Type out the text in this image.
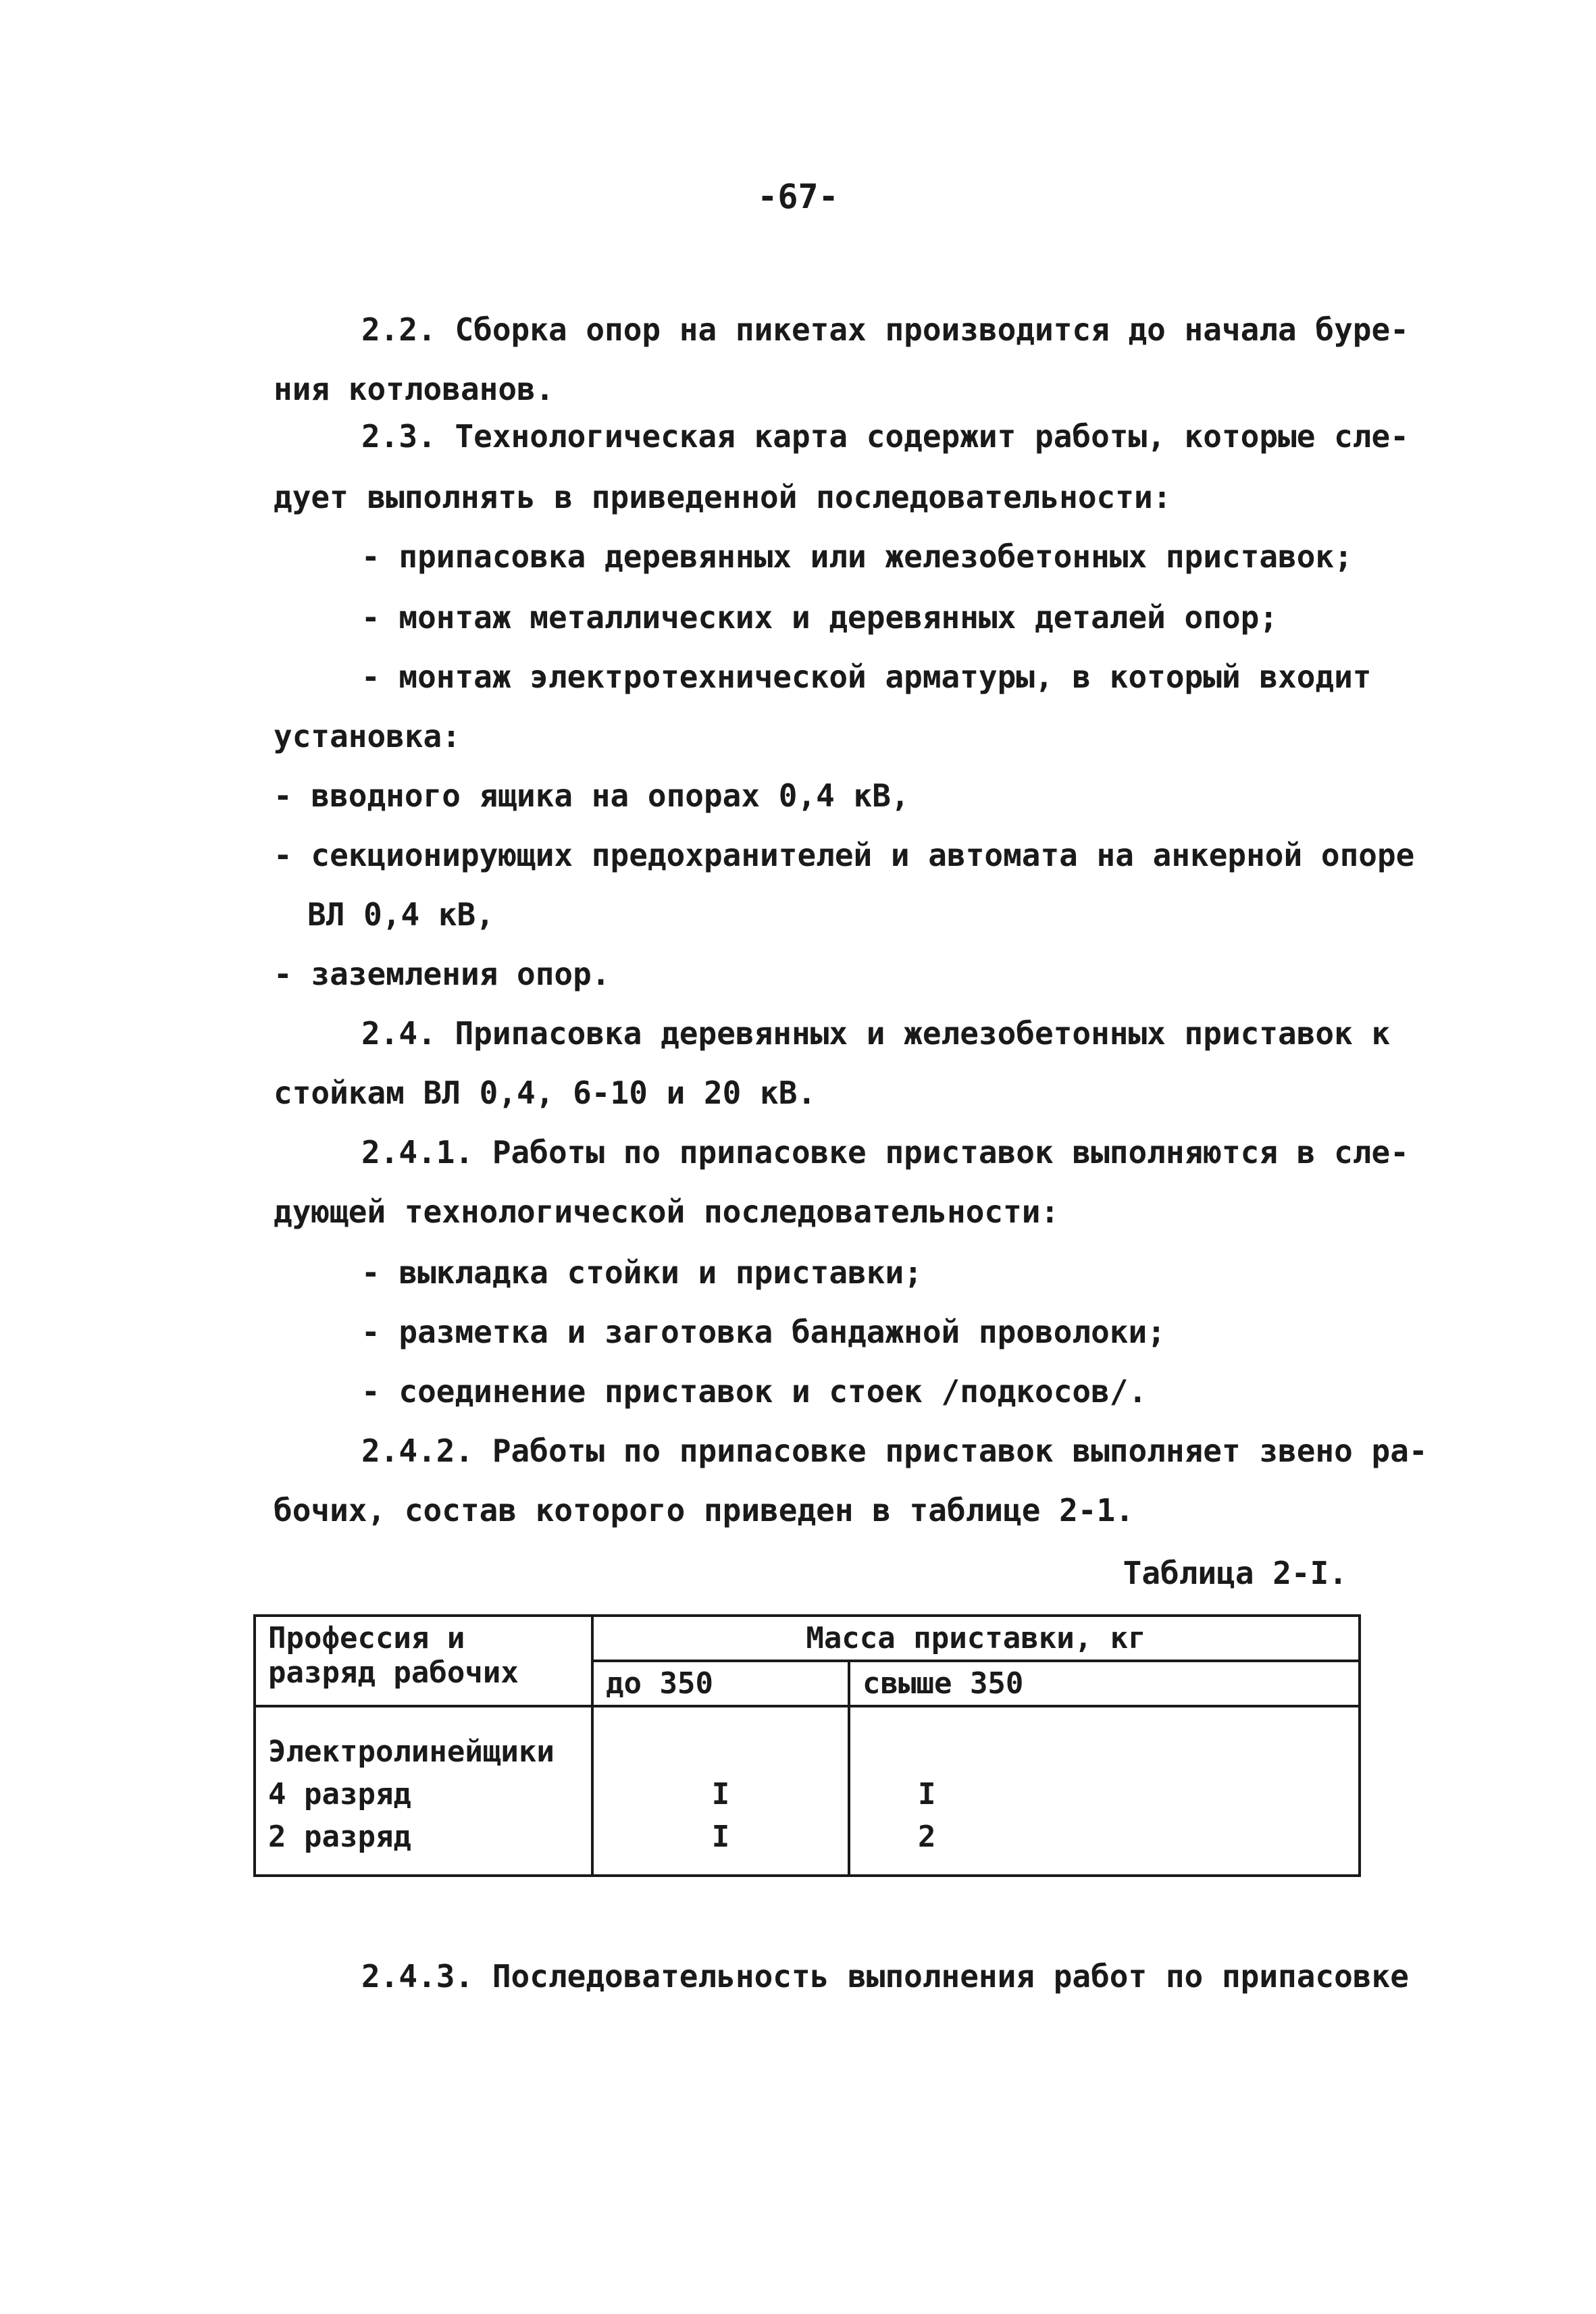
-67-
2.2. Сборка опор на пикетах производится до начала буре-
ния котлованов.
2.3. Технологическая карта содержит работы, которые сле-
дует выполнять в приведенной последовательности:
- припасовка деревянных или железобетонных приставок;
- монтаж металлических и деревянных деталей опор;
- монтаж электротехнической арматуры, в который входит
установка:
- вводного ящика на опорах 0,4 кВ,
- секционирующих предохранителей и автомата на анкерной опоре
ВЛ 0,4 кВ,
- заземления опор.
2.4. Припасовка деревянных и железобетонных приставок к
стойкам ВЛ 0,4, 6-10 и 20 кВ.
2.4.1. Работы по припасовке приставок выполняются в сле-
дующей технологической последовательности:
- выкладка стойки и приставки;
- разметка и заготовка бандажной проволоки;
- соединение приставок и стоек /подкосов/.
2.4.2. Работы по припасовке приставок выполняет звено ра-
бочих, состав которого приведен в таблице 2-1.
Таблица 2-I.
Профессия и разряд рабочих	Масса приставки, кг	
	до 350	свыше 350
Электролинейщики		
4 разряд	I	I
2 разряд	I	2
2.4.3. Последовательность выполнения работ по припасовке
